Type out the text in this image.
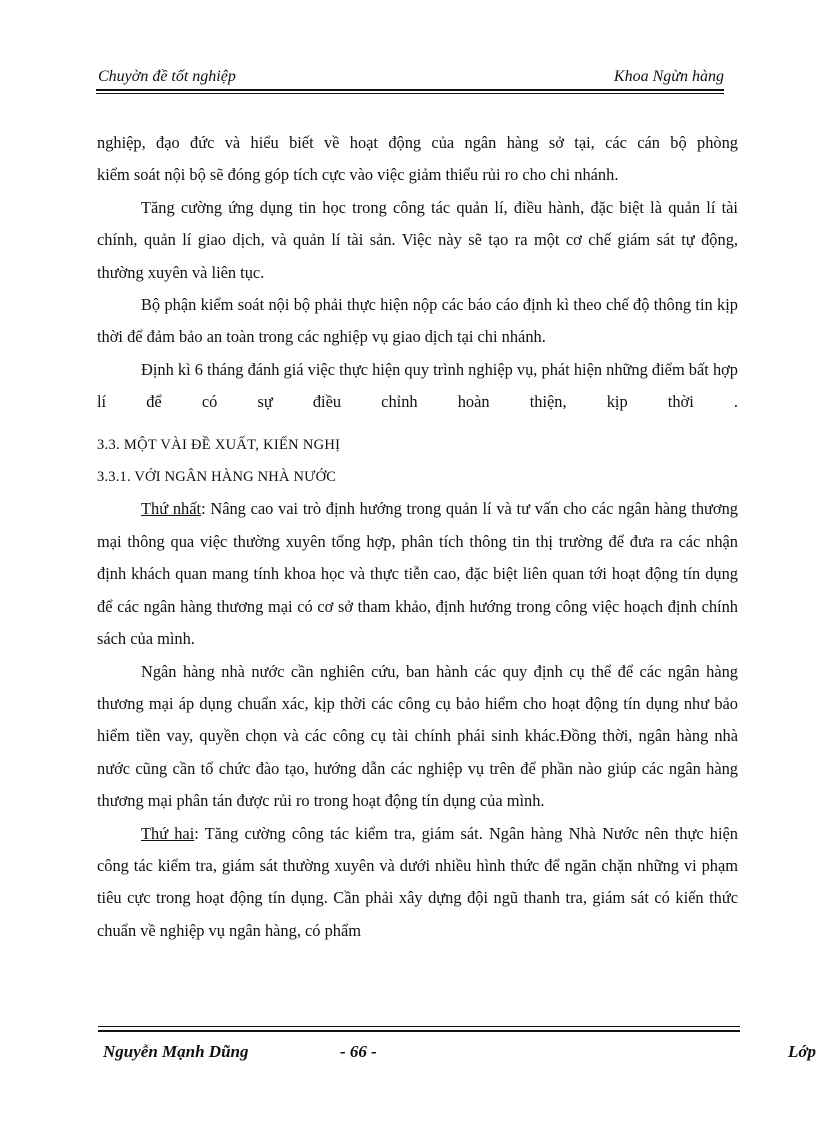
Chuyờn đề tốt nghiệp	Khoa Ngừn hàng

nghiệp, đạo đức và hiểu biết về hoạt động của ngân hàng sở tại, các cán bộ phòng

kiểm soát nội bộ sẽ đóng góp tích cực vào việc giảm thiểu rủi ro cho chi nhánh.

Tăng cường ứng dụng tin học trong công tác quản lí, điều hành, đặc biệt là quản lí tài chính, quản lí giao dịch, và quản lí tài sản. Việc này sẽ tạo ra một cơ chế giám sát tự động, thường xuyên và liên tục.

Bộ phận kiểm soát nội bộ phải thực hiện nộp các báo cáo định kì theo chế độ thông tin kịp thời để đảm bảo an toàn trong các nghiệp vụ giao dịch tại chi nhánh.

Định kì 6 tháng đánh giá việc thực hiện quy trình nghiệp vụ, phát hiện những điểm bất hợp lí để có sự điều chỉnh hoàn thiện, kịp thời .

3.3. MỘT VÀI ĐỀ XUẤT, KIẾN NGHỊ

3.3.1. VỚI NGÂN HÀNG NHÀ NƯỚC

Thứ nhất: Nâng cao vai trò định hướng trong quản lí và tư vấn cho các ngân hàng thương mại thông qua việc thường xuyên tổng hợp, phân tích thông tin thị trường để đưa ra các nhận định khách quan mang tính khoa học và thực tiễn cao, đặc biệt liên quan tới hoạt động tín dụng để các ngân hàng thương mại có cơ sở tham khảo, định hướng trong công việc hoạch định chính sách của mình.

Ngân hàng nhà nước cần nghiên cứu, ban hành các quy định cụ thể để các ngân hàng thương mại áp dụng chuẩn xác, kịp thời các công cụ bảo hiểm cho hoạt động tín dụng như bảo hiểm tiền vay, quyền chọn và các công cụ tài chính phái sinh khác.Đồng thời, ngân hàng nhà nước cũng cần tổ chức đào tạo, hướng dẫn các nghiệp vụ trên để phần nào giúp các ngân hàng thương mại phân tán được rủi ro trong hoạt động tín dụng của mình.

Thứ hai: Tăng cường công tác kiểm tra, giám sát. Ngân hàng Nhà Nước nên thực hiện công tác kiểm tra, giám sát thường xuyên và dưới nhiều hình thức để ngăn chặn những vi phạm tiêu cực trong hoạt động tín dụng. Cần phải xây dựng đội ngũ thanh tra, giám sát có kiến thức chuẩn về nghiệp vụ ngân hàng, có phẩm

Nguyễn Mạnh Dũng	- 66 -	Lớp
